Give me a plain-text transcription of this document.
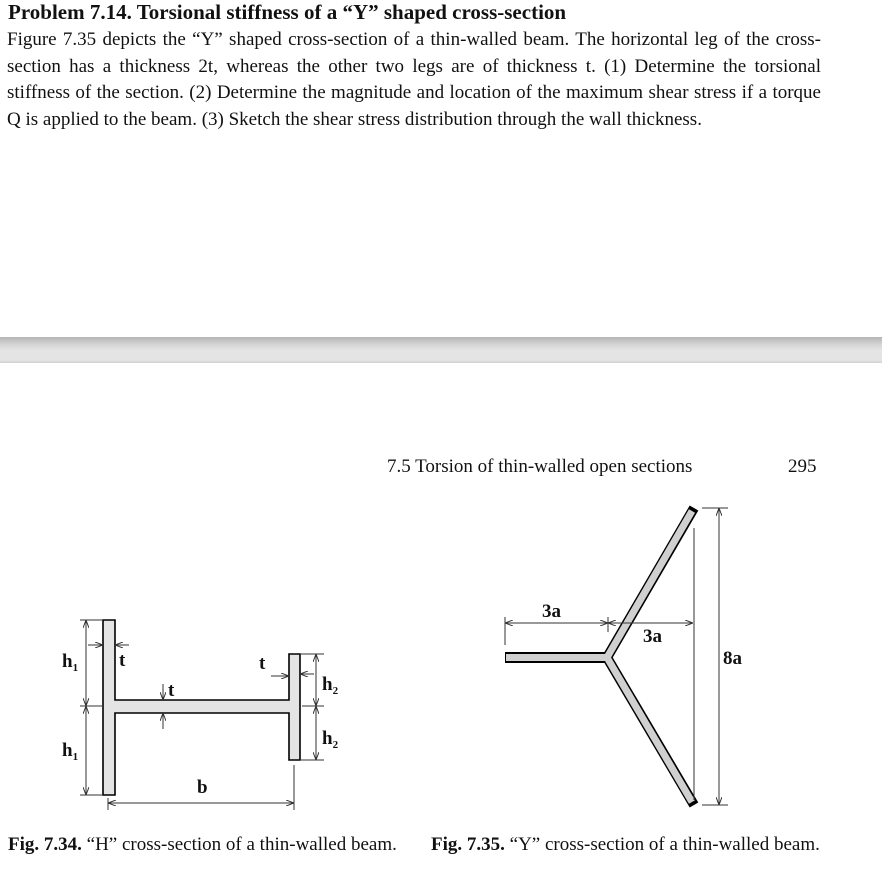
Problem 7.14. Torsional stiffness of a “Y” shaped cross-section
Figure 7.35 depicts the “Y” shaped cross-section of a thin-walled beam. The horizontal leg of the cross-section has a thickness 2t, whereas the other two legs are of thickness t. (1) Determine the torsional stiffness of the section. (2) Determine the magnitude and location of the maximum shear stress if a torque Q is applied to the beam. (3) Sketch the shear stress distribution through the wall thickness.
7.5 Torsion of thin-walled open sections	295
$h_1$
$h_1$
$h_2$
$h_2$
t
t
t
b
3a
3a
8a
Fig. 7.34. “H” cross-section of a thin-walled beam.	Fig. 7.35. “Y” cross-section of a thin-walled beam.
